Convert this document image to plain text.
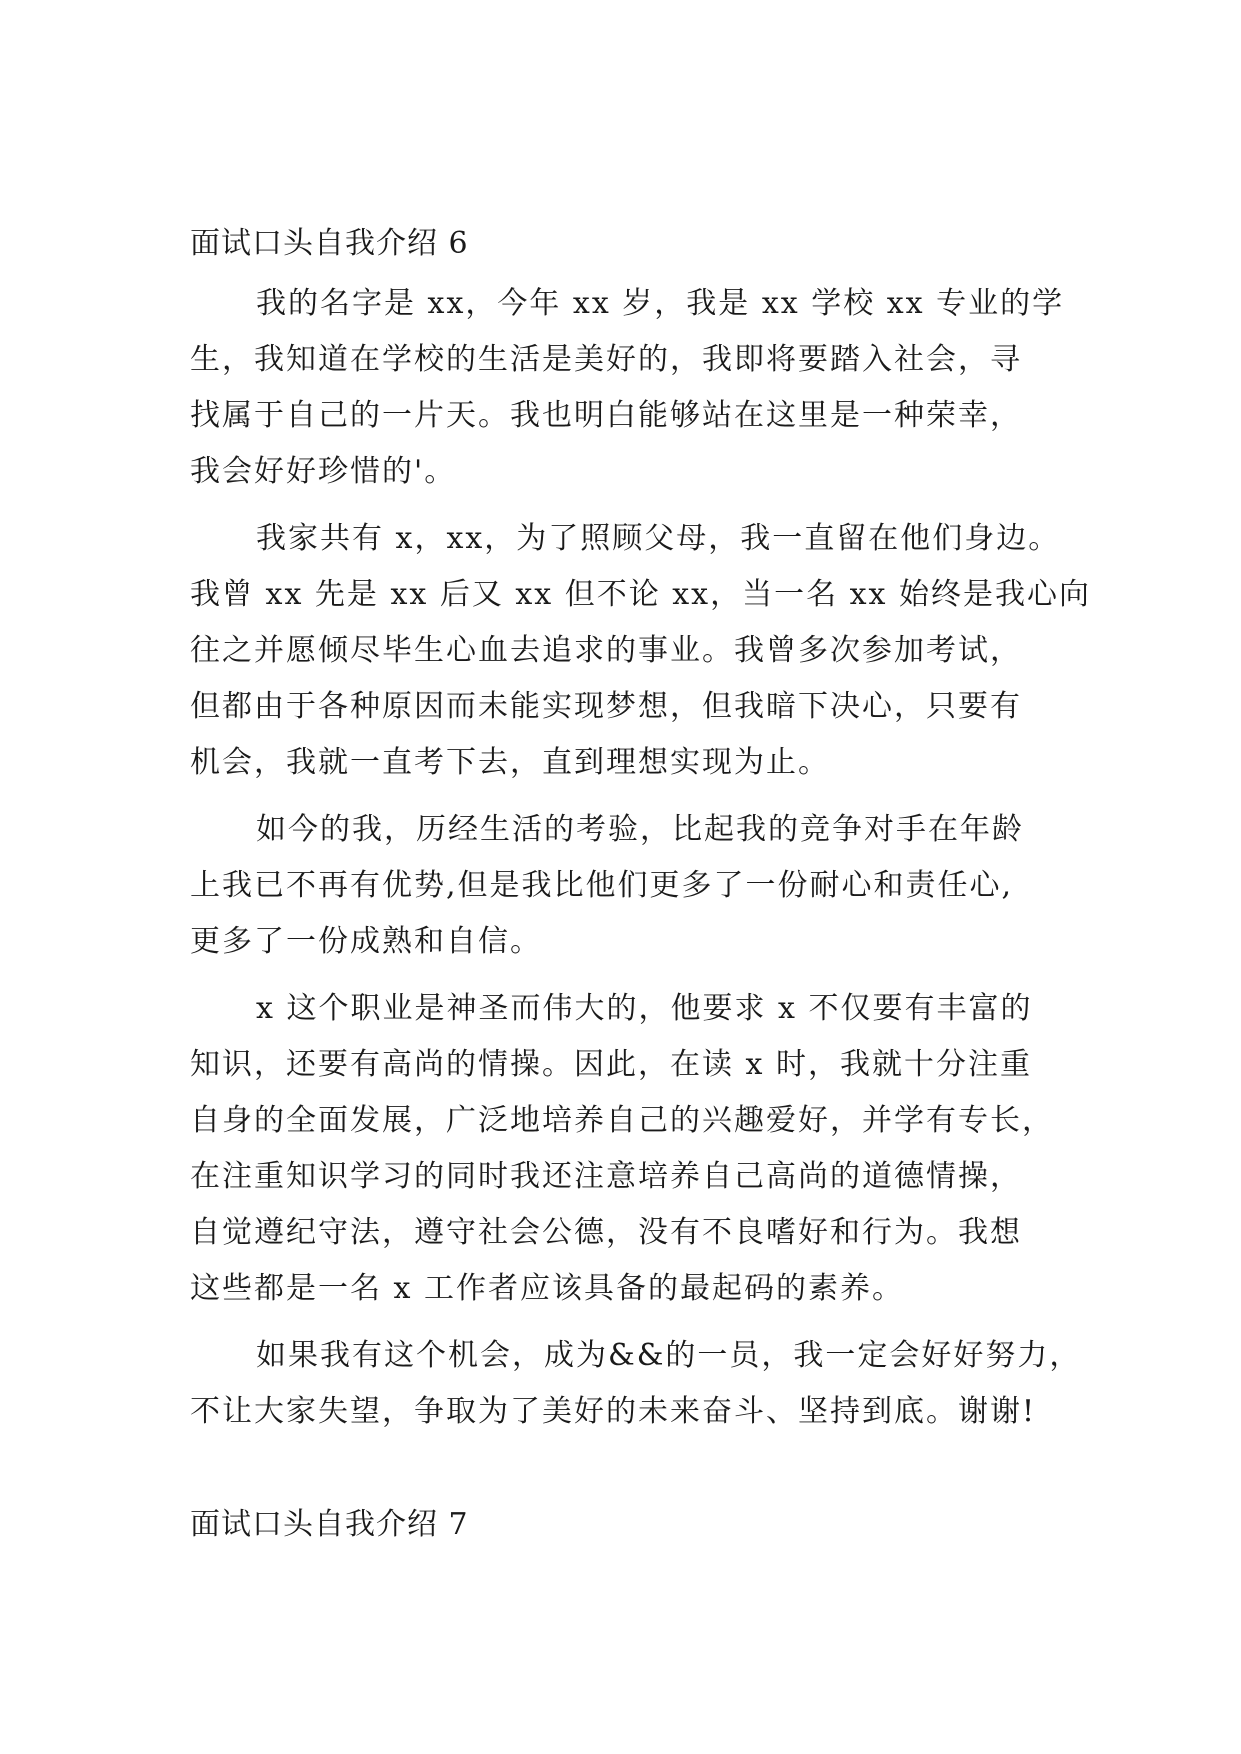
面试口头自我介绍 6
我的名字是 xx，今年 xx 岁，我是 xx 学校 xx 专业的学
生，我知道在学校的生活是美好的，我即将要踏入社会，寻
找属于自己的一片天。我也明白能够站在这里是一种荣幸，
我会好好珍惜的'。
我家共有 x，xx，为了照顾父母，我一直留在他们身边。
我曾 xx 先是 xx 后又 xx 但不论 xx，当一名 xx 始终是我心向
往之并愿倾尽毕生心血去追求的事业。我曾多次参加考试，
但都由于各种原因而未能实现梦想，但我暗下决心，只要有
机会，我就一直考下去，直到理想实现为止。
如今的我，历经生活的考验，比起我的竞争对手在年龄
上我已不再有优势,但是我比他们更多了一份耐心和责任心,
更多了一份成熟和自信。
x 这个职业是神圣而伟大的，他要求 x 不仅要有丰富的
知识，还要有高尚的情操。因此，在读 x 时，我就十分注重
自身的全面发展，广泛地培养自己的兴趣爱好，并学有专长，
在注重知识学习的同时我还注意培养自己高尚的道德情操，
自觉遵纪守法，遵守社会公德，没有不良嗜好和行为。我想
这些都是一名 x 工作者应该具备的最起码的素养。
如果我有这个机会，成为&&的一员，我一定会好好努力，
不让大家失望，争取为了美好的未来奋斗、坚持到底。谢谢!
面试口头自我介绍 7
